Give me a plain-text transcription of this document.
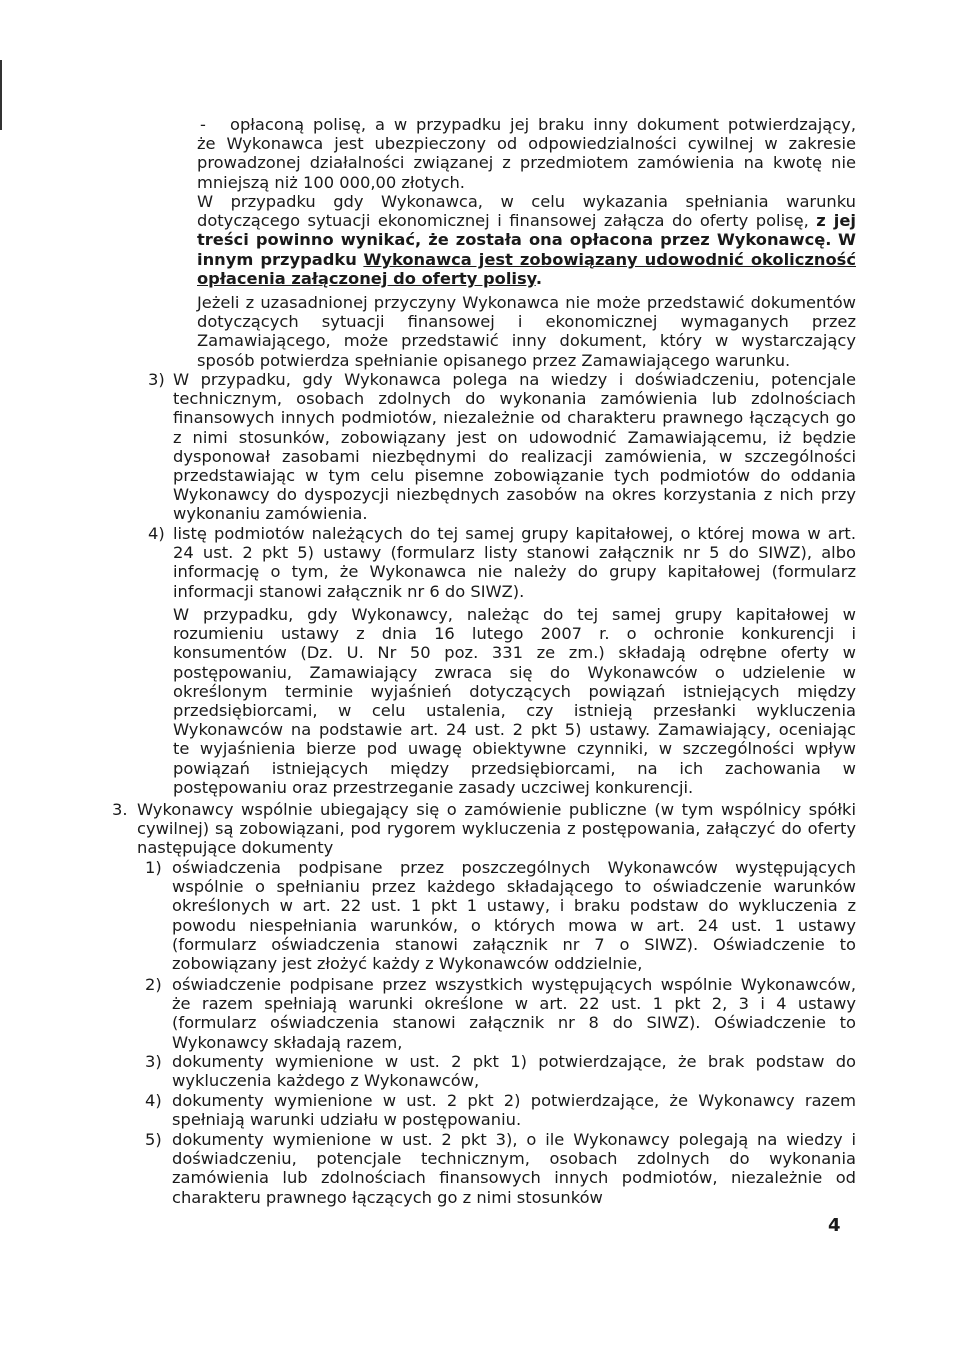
- opłaconą polisę, a w przypadku jej braku inny dokument potwierdzający,
że Wykonawca jest ubezpieczony od odpowiedzialności cywilnej w zakresie
prowadzonej działalności związanej z przedmiotem zamówienia na kwotę nie
mniejszą niż 100 000,00 złotych.
W przypadku gdy Wykonawca, w celu wykazania spełniania warunku
dotyczącego sytuacji ekonomicznej i finansowej załącza do oferty polisę, z jej
treści powinno wynikać, że została ona opłacona przez Wykonawcę. W
innym przypadku Wykonawca jest zobowiązany udowodnić okoliczność
opłacenia załączonej do oferty polisy.
Jeżeli z uzasadnionej przyczyny Wykonawca nie może przedstawić dokumentów
dotyczących sytuacji finansowej i ekonomicznej wymaganych przez
Zamawiającego, może przedstawić inny dokument, który w wystarczający
sposób potwierdza spełnianie opisanego przez Zamawiającego warunku.
3) W przypadku, gdy Wykonawca polega na wiedzy i doświadczeniu, potencjale
technicznym, osobach zdolnych do wykonania zamówienia lub zdolnościach
finansowych innych podmiotów, niezależnie od charakteru prawnego łączących go
z nimi stosunków, zobowiązany jest on udowodnić Zamawiającemu, iż będzie
dysponował zasobami niezbędnymi do realizacji zamówienia, w szczególności
przedstawiając w tym celu pisemne zobowiązanie tych podmiotów do oddania
Wykonawcy do dyspozycji niezbędnych zasobów na okres korzystania z nich przy
wykonaniu zamówienia.
4) listę podmiotów należących do tej samej grupy kapitałowej, o której mowa w art.
24 ust. 2 pkt 5) ustawy (formularz listy stanowi załącznik nr 5 do SIWZ), albo
informację o tym, że Wykonawca nie należy do grupy kapitałowej (formularz
informacji stanowi załącznik nr 6 do SIWZ).
W przypadku, gdy Wykonawcy, należąc do tej samej grupy kapitałowej w
rozumieniu ustawy z dnia 16 lutego 2007 r. o ochronie konkurencji i
konsumentów (Dz. U. Nr 50 poz. 331 ze zm.) składają odrębne oferty w
postępowaniu, Zamawiający zwraca się do Wykonawców o udzielenie w
określonym terminie wyjaśnień dotyczących powiązań istniejących między
przedsiębiorcami, w celu ustalenia, czy istnieją przesłanki wykluczenia
Wykonawców na podstawie art. 24 ust. 2 pkt 5) ustawy. Zamawiający, oceniając
te wyjaśnienia bierze pod uwagę obiektywne czynniki, w szczególności wpływ
powiązań istniejących między przedsiębiorcami, na ich zachowania w
postępowaniu oraz przestrzeganie zasady uczciwej konkurencji.
3. Wykonawcy wspólnie ubiegający się o zamówienie publiczne (w tym wspólnicy spółki
cywilnej) są zobowiązani, pod rygorem wykluczenia z postępowania, załączyć do oferty
następujące dokumenty
1) oświadczenia podpisane przez poszczególnych Wykonawców występujących
wspólnie o spełnianiu przez każdego składającego to oświadczenie warunków
określonych w art. 22 ust. 1 pkt 1 ustawy, i braku podstaw do wykluczenia z
powodu niespełniania warunków, o których mowa w art. 24 ust. 1 ustawy
(formularz oświadczenia stanowi załącznik nr 7 o SIWZ). Oświadczenie to
zobowiązany jest złożyć każdy z Wykonawców oddzielnie,
2) oświadczenie podpisane przez wszystkich występujących wspólnie Wykonawców,
że razem spełniają warunki określone w art. 22 ust. 1 pkt 2, 3 i 4 ustawy
(formularz oświadczenia stanowi załącznik nr 8 do SIWZ). Oświadczenie to
Wykonawcy składają razem,
3) dokumenty wymienione w ust. 2 pkt 1) potwierdzające, że brak podstaw do
wykluczenia każdego z Wykonawców,
4) dokumenty wymienione w ust. 2 pkt 2) potwierdzające, że Wykonawcy razem
spełniają warunki udziału w postępowaniu.
5) dokumenty wymienione w ust. 2 pkt 3), o ile Wykonawcy polegają na wiedzy i
doświadczeniu, potencjale technicznym, osobach zdolnych do wykonania
zamówienia lub zdolnościach finansowych innych podmiotów, niezależnie od
charakteru prawnego łączących go z nimi stosunków
4
